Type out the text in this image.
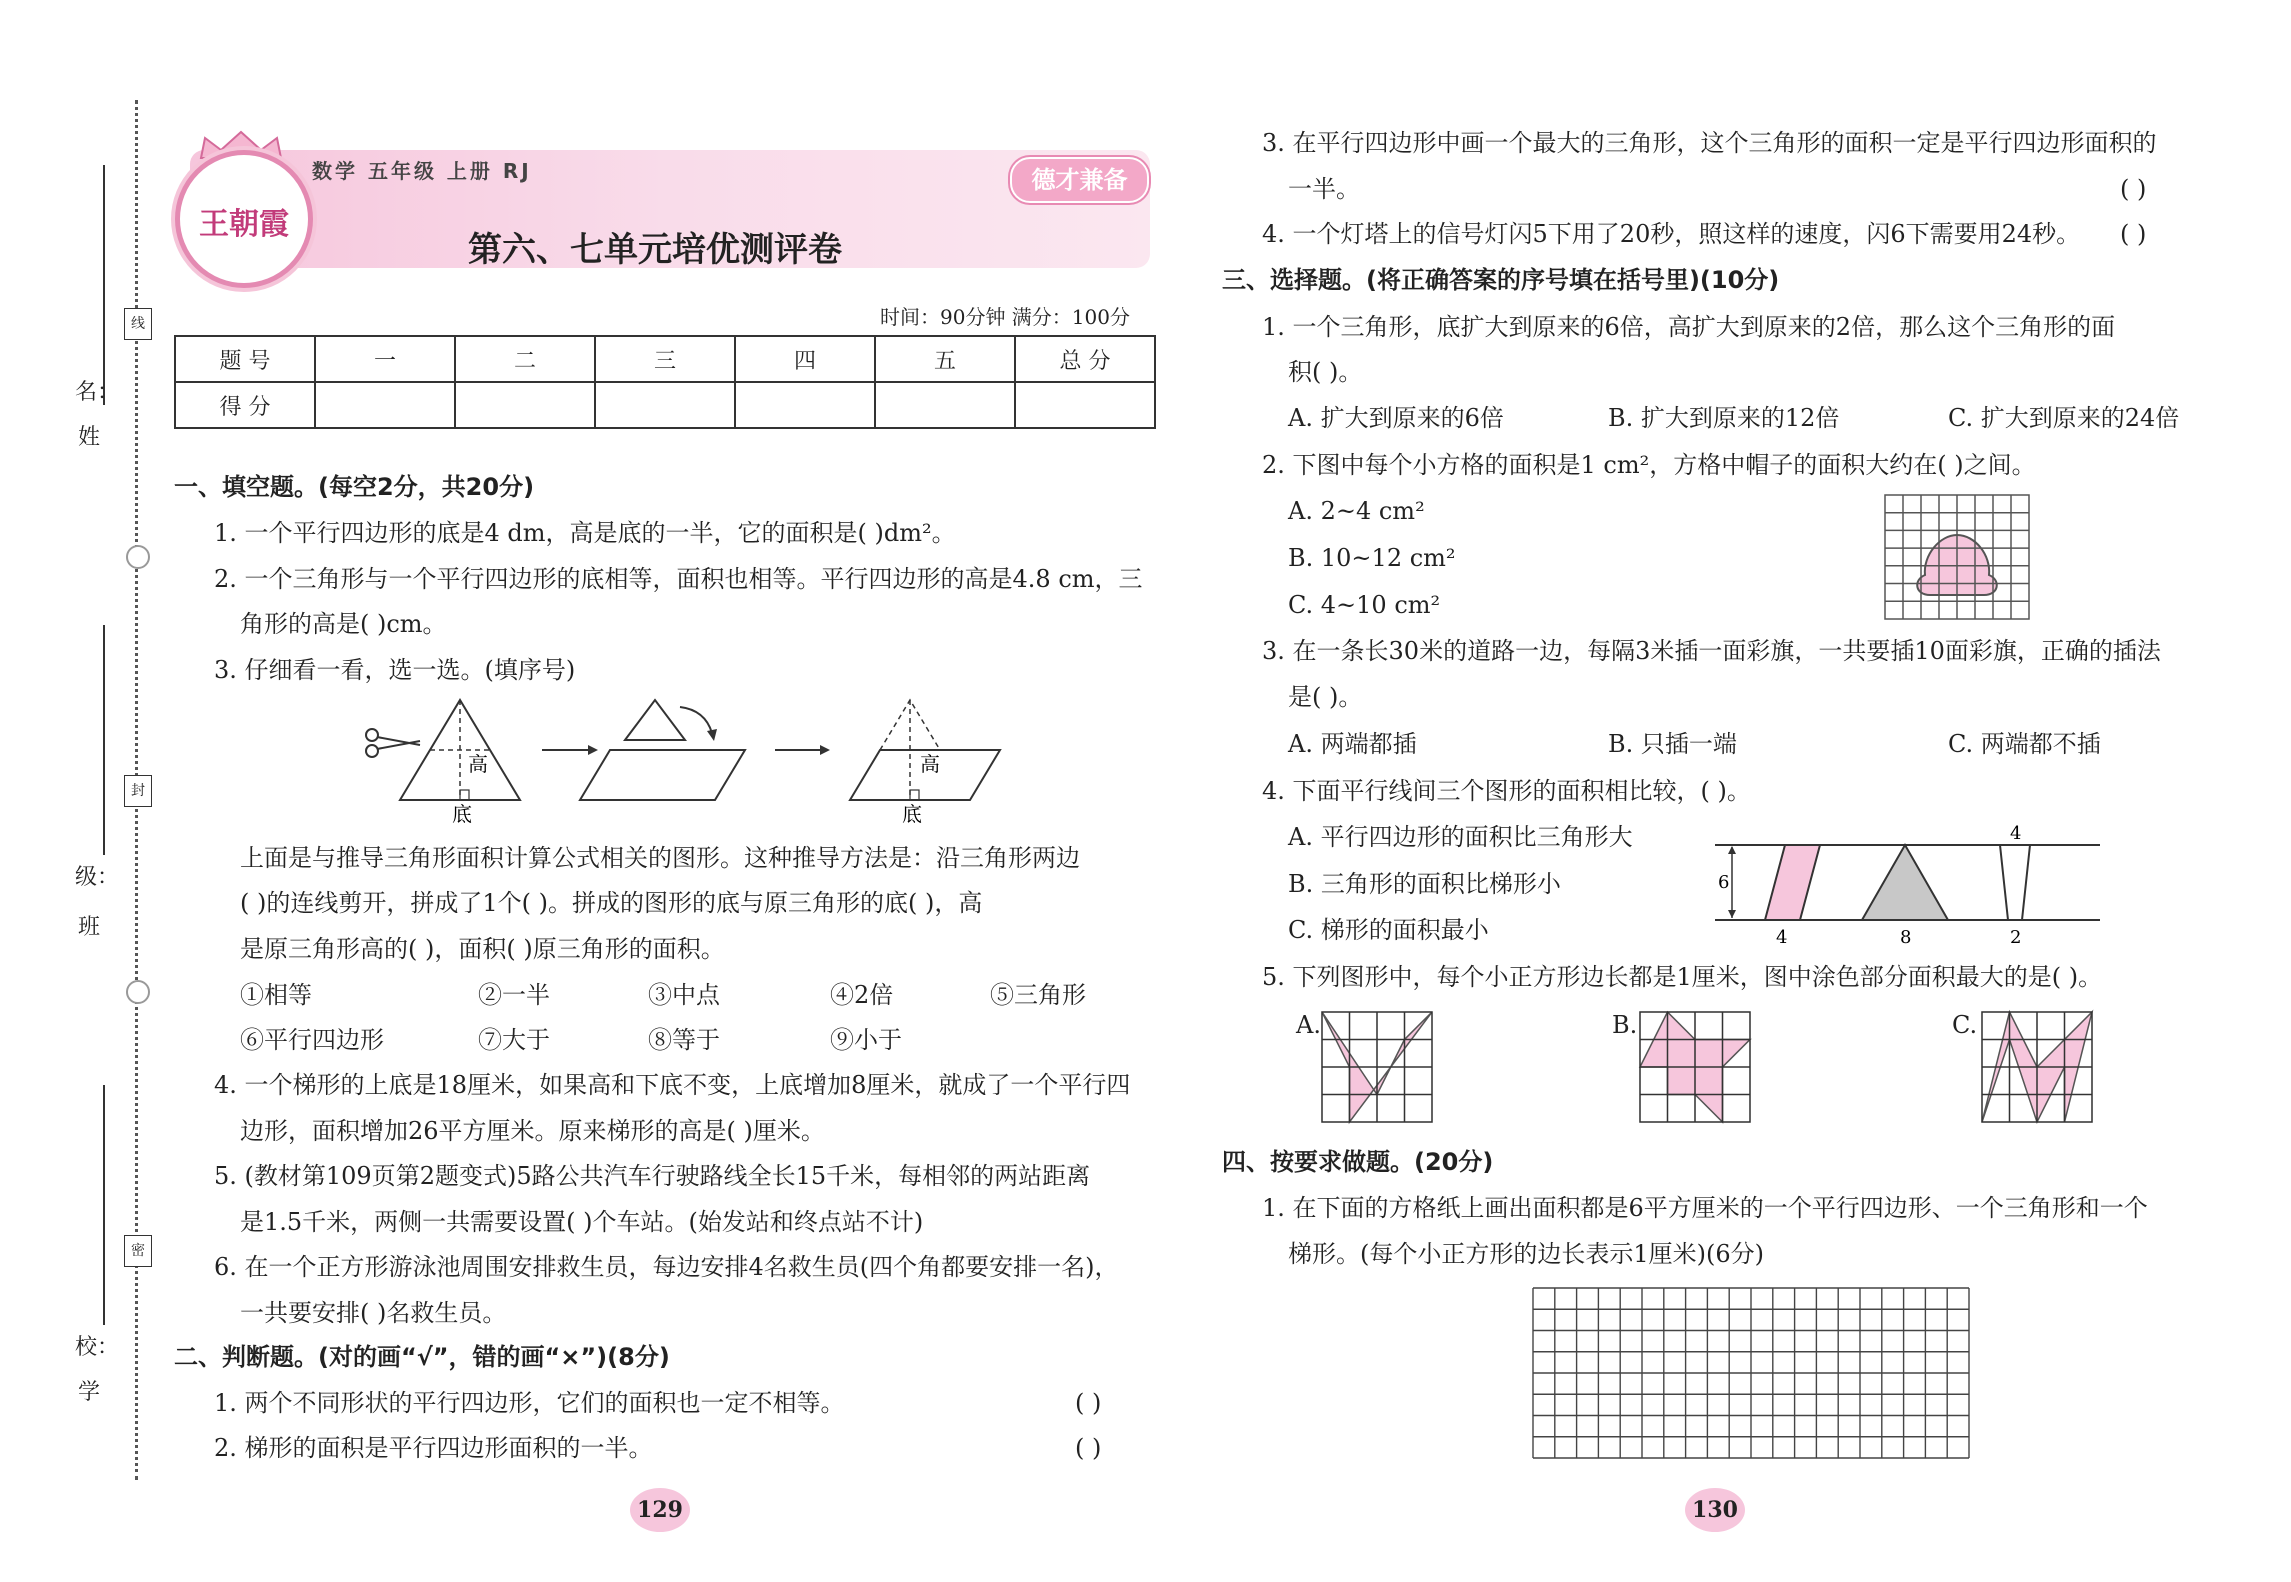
姓
名：
班
级：
学
校：
线
封
密
王朝霞
数学 五年级 上册 RJ	德才兼备
第六、七单元培优测评卷
时间：90分钟 满分：100分
题 号	一	二	三	四	五	总 分
得 分						
一、填空题。(每空2分，共20分)
1. 一个平行四边形的底是4 dm，高是底的一半，它的面积是( )dm²。
2. 一个三角形与一个平行四边形的底相等，面积也相等。平行四边形的高是4.8 cm，三
角形的高是( )cm。
3. 仔细看一看，选一选。(填序号)
高
底
高
底
上面是与推导三角形面积计算公式相关的图形。这种推导方法是：沿三角形两边
( )的连线剪开，拼成了1个( )。拼成的图形的底与原三角形的底( )，高
是原三角形高的( )，面积( )原三角形的面积。
①相等	②一半	③中点	④2倍	⑤三角形
⑥平行四边形	⑦大于	⑧等于	⑨小于
4. 一个梯形的上底是18厘米，如果高和下底不变，上底增加8厘米，就成了一个平行四
边形，面积增加26平方厘米。原来梯形的高是( )厘米。
5. (教材第109页第2题变式)5路公共汽车行驶路线全长15千米，每相邻的两站距离
是1.5千米，两侧一共需要设置( )个车站。(始发站和终点站不计)
6. 在一个正方形游泳池周围安排救生员，每边安排4名救生员(四个角都要安排一名)，
一共要安排( )名救生员。
二、判断题。(对的画“√”，错的画“×”)(8分)
1. 两个不同形状的平行四边形，它们的面积也一定不相等。	( )
2. 梯形的面积是平行四边形面积的一半。	( )
129
3. 在平行四边形中画一个最大的三角形，这个三角形的面积一定是平行四边形面积的
一半。	( )
4. 一个灯塔上的信号灯闪5下用了20秒，照这样的速度，闪6下需要用24秒。 ( )
三、选择题。(将正确答案的序号填在括号里)(10分)
1. 一个三角形，底扩大到原来的6倍，高扩大到原来的2倍，那么这个三角形的面
积( )。
A. 扩大到原来的6倍	B. 扩大到原来的12倍	C. 扩大到原来的24倍
2. 下图中每个小方格的面积是1 cm²，方格中帽子的面积大约在( )之间。
A. 2~4 cm²
B. 10~12 cm²
C. 4~10 cm²
3. 在一条长30米的道路一边，每隔3米插一面彩旗，一共要插10面彩旗，正确的插法
是( )。
A. 两端都插	B. 只插一端	C. 两端都不插
4. 下面平行线间三个图形的面积相比较，( )。
A. 平行四边形的面积比三角形大
B. 三角形的面积比梯形小
C. 梯形的面积最小
6
4	8
4
2
5. 下列图形中，每个小正方形边长都是1厘米，图中涂色部分面积最大的是( )。
A.	B.	C.
四、按要求做题。(20分)
1. 在下面的方格纸上画出面积都是6平方厘米的一个平行四边形、一个三角形和一个
梯形。(每个小正方形的边长表示1厘米)(6分)
130
